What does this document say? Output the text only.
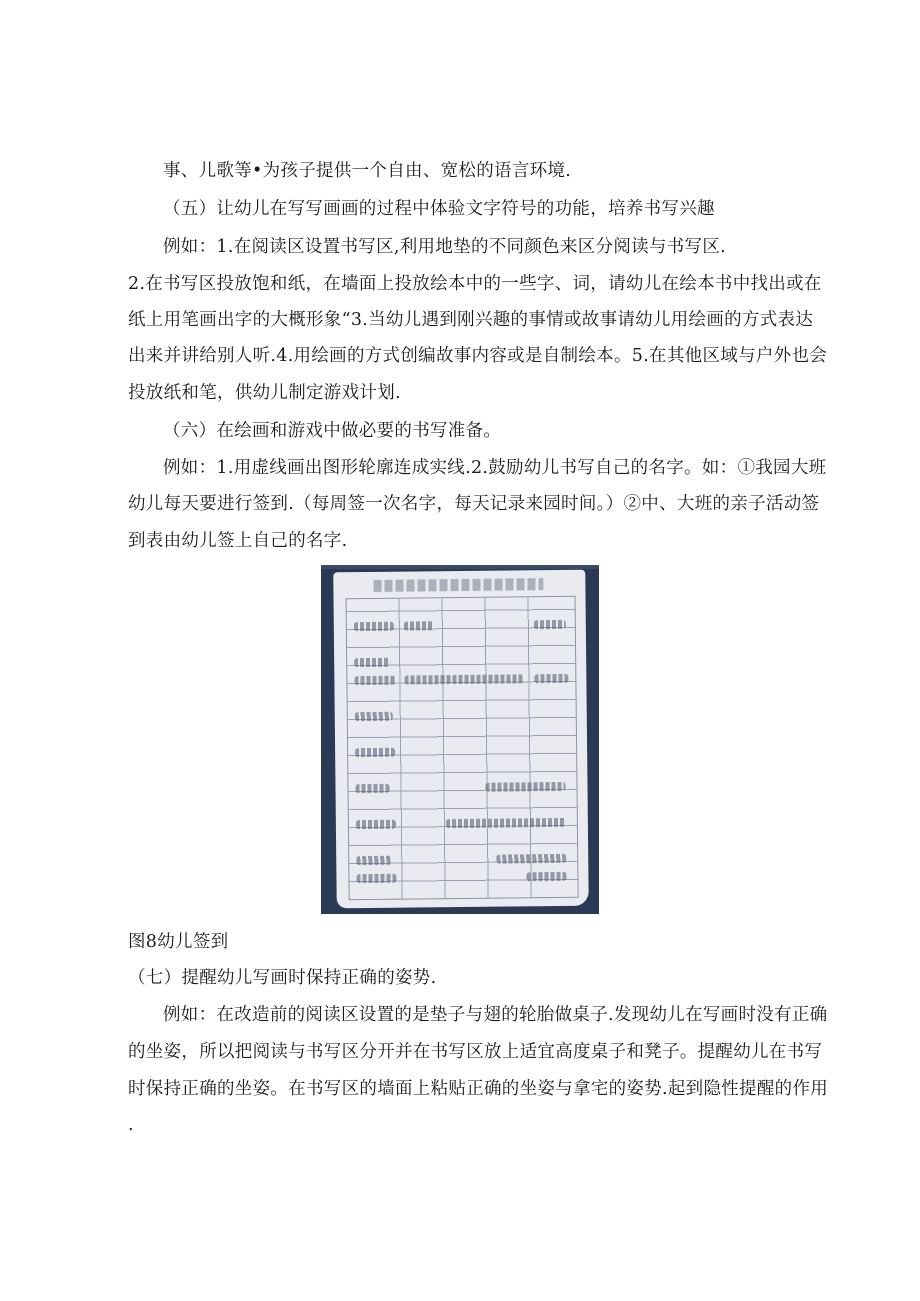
事、儿歌等•为孩子提供一个自由、宽松的语言环境.
（五）让幼儿在写写画画的过程中体验文字符号的功能，培养书写兴趣
例如：1.在阅读区设置书写区,利用地垫的不同颜色来区分阅读与书写区.
2.在书写区投放饱和纸，在墙面上投放绘本中的一些字、词，请幼儿在绘本书中找出或在
纸上用笔画出字的大概形象“3.当幼儿遇到刚兴趣的事情或故事请幼儿用绘画的方式表达
出来并讲给别人听.4.用绘画的方式创编故事内容或是自制绘本。5.在其他区域与户外也会
投放纸和笔，供幼儿制定游戏计划.
（六）在绘画和游戏中做必要的书写准备。
例如：1.用虚线画出图形轮廓连成实线.2.鼓励幼儿书写自己的名字。如：①我园大班
幼儿每天要进行签到.（每周签一次名字，每天记录来园时间。）②中、大班的亲子活动签
到表由幼儿签上自己的名字.
图8幼儿签到
（七）提醒幼儿写画时保持正确的姿势.
例如：在改造前的阅读区设置的是垫子与翅的轮胎做桌子.发现幼儿在写画时没有正确
的坐姿，所以把阅读与书写区分开并在书写区放上适宜高度桌子和凳子。提醒幼儿在书写
时保持正确的坐姿。在书写区的墙面上粘贴正确的坐姿与拿宅的姿势.起到隐性提醒的作用
.
